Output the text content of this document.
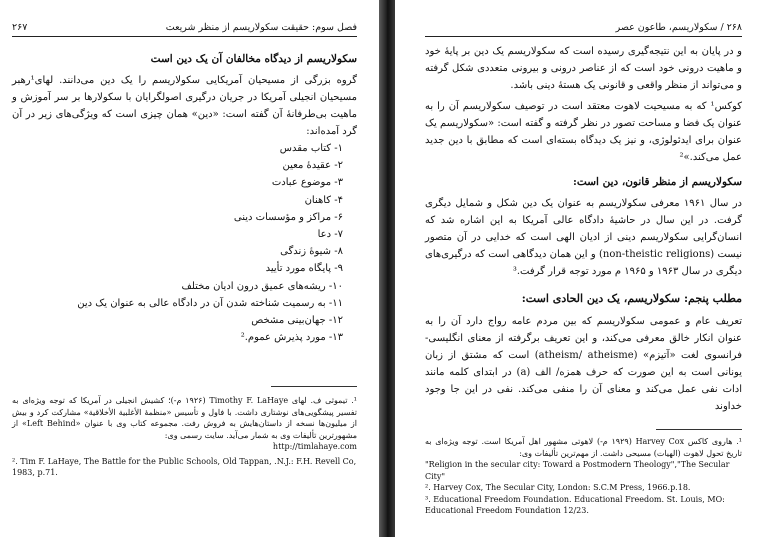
فصل سوم: حقیقت سکولاریسم از منظر شریعت
۲۶۷
سکولاریسم از دیدگاه مخالفان آن یک دین است

گروه بزرگی از مسیحیان آمریکایی سکولاریسم را یک دین می‌دانند. لهای¹رهبر مسیحیان انجیلی آمریکا در جریان درگیری اصولگرایان با سکولارها بر سر آموزش و ماهیت بی‌طرفانهٔ آن گفته است: «دین» همان چیزی است که ویژگی‌های زیر در آن گرد آمده‌اند:

۱- کتاب مقدس
۲- عقیدهٔ معین
۳- موضوع عبادت
۴- کاهنان
۶- مراکز و مؤسسات دینی
۷- دعا
۸- شیوهٔ زندگی
۹- پایگاه مورد تأیید
۱۰- ریشه‌های عمیق درون ادیان مختلف
۱۱- به رسمیت شناخته شدن آن در دادگاه عالی به عنوان یک دین
۱۲- جهان‌بینی مشخص
۱۳- مورد پذیرش عموم.²
¹. تیموثی ف. لهای Timothy F. LaHaye (۱۹۲۶ م-)؛ کشیش انجیلی در آمریکا که توجه ویژه‌ای به تفسیر پیشگویی‌های نوشتاری داشت. با فاول و تأسیس «منظمهٔ الأغلبیة الأخلاقیة» مشارکت کرد و بیش از میلیون‌ها نسخه از داستان‌هایش به فروش رفت. مجموعه کتاب وی با عنوان «Left Behind» از مشهورترین تألیفات وی به شمار می‌آید. سایت رسمی وی:
http://timlahaye.com
². Tim F. LaHaye, The Battle for the Public Schools, Old Tappan, .N.J.: F.H. Revell Co, 1983, p.71.
۲۶۸ / سکولاریسم، طاعون عصر

و در پایان به این نتیجه‌گیری رسیده است که سکولاریسم یک دین بر پایهٔ خود و ماهیت درونی خود است که از عناصر درونی و بیرونی متعددی شکل گرفته و می‌تواند از منظر واقعی و قانونی یک هستهٔ دینی باشد.

کوکس¹ که به مسیحیت لاهوت معتقد است در توصیف سکولاریسم آن را به عنوان یک فضا و مساحت تصور در نظر گرفته و گفته است: «سکولاریسم یک عنوان برای ایدئولوژی، و نیز یک دیدگاه بسته‌ای است که مطابق با دین جدید عمل می‌کند.»²

سکولاریسم از منظر قانون، دین است:

در سال ۱۹۶۱ معرفی سکولاریسم به عنوان یک دین شکل و شمایل دیگری گرفت. در این سال در حاشیهٔ دادگاه عالی آمریکا به این اشاره شد که انسان‌گرایی سکولاریسم دینی از ادیان الهی است که خدایی در آن متصور نیست (non-theistic religions) و این همان دیدگاهی است که درگیری‌های دیگری در سال ۱۹۶۳ و ۱۹۶۵ م مورد توجه قرار گرفت.³

مطلب پنجم: سکولاریسم، یک دین الحادی است:

تعریف عام و عمومی سکولاریسم که بین مردم عامه رواج دارد آن را به عنوان انکار خالق معرفی می‌کند، و این تعریف برگرفته از معنای انگلیسی-فرانسوی لغت «آتیزم» (atheism/ atheisme) است که مشتق از زبان یونانی است به این صورت که حرف همزه/ الف (a) در ابتدای کلمه مانند ادات نفی عمل می‌کند و معنای آن را منفی می‌کند. نفی در این جا وجود خداوند

¹. هاروی کاکس Harvey Cox (۱۹۲۹ م-) لاهوتی مشهور اهل آمریکا است. توجه ویژه‌ای به تاریخ تحول لاهوت (الهیات) مسیحی داشت. از مهم‌ترین تألیفات وی:
"Religion in the secular city: Toward a Postmodern Theology","The Secular City"
². Harvey Cox, The Secular City, London: S.C.M Press, 1966.p.18.
³. Educational Freedom Foundation. Educational Freedom. St. Louis, MO: Educational Freedom Foundation 12/23.
